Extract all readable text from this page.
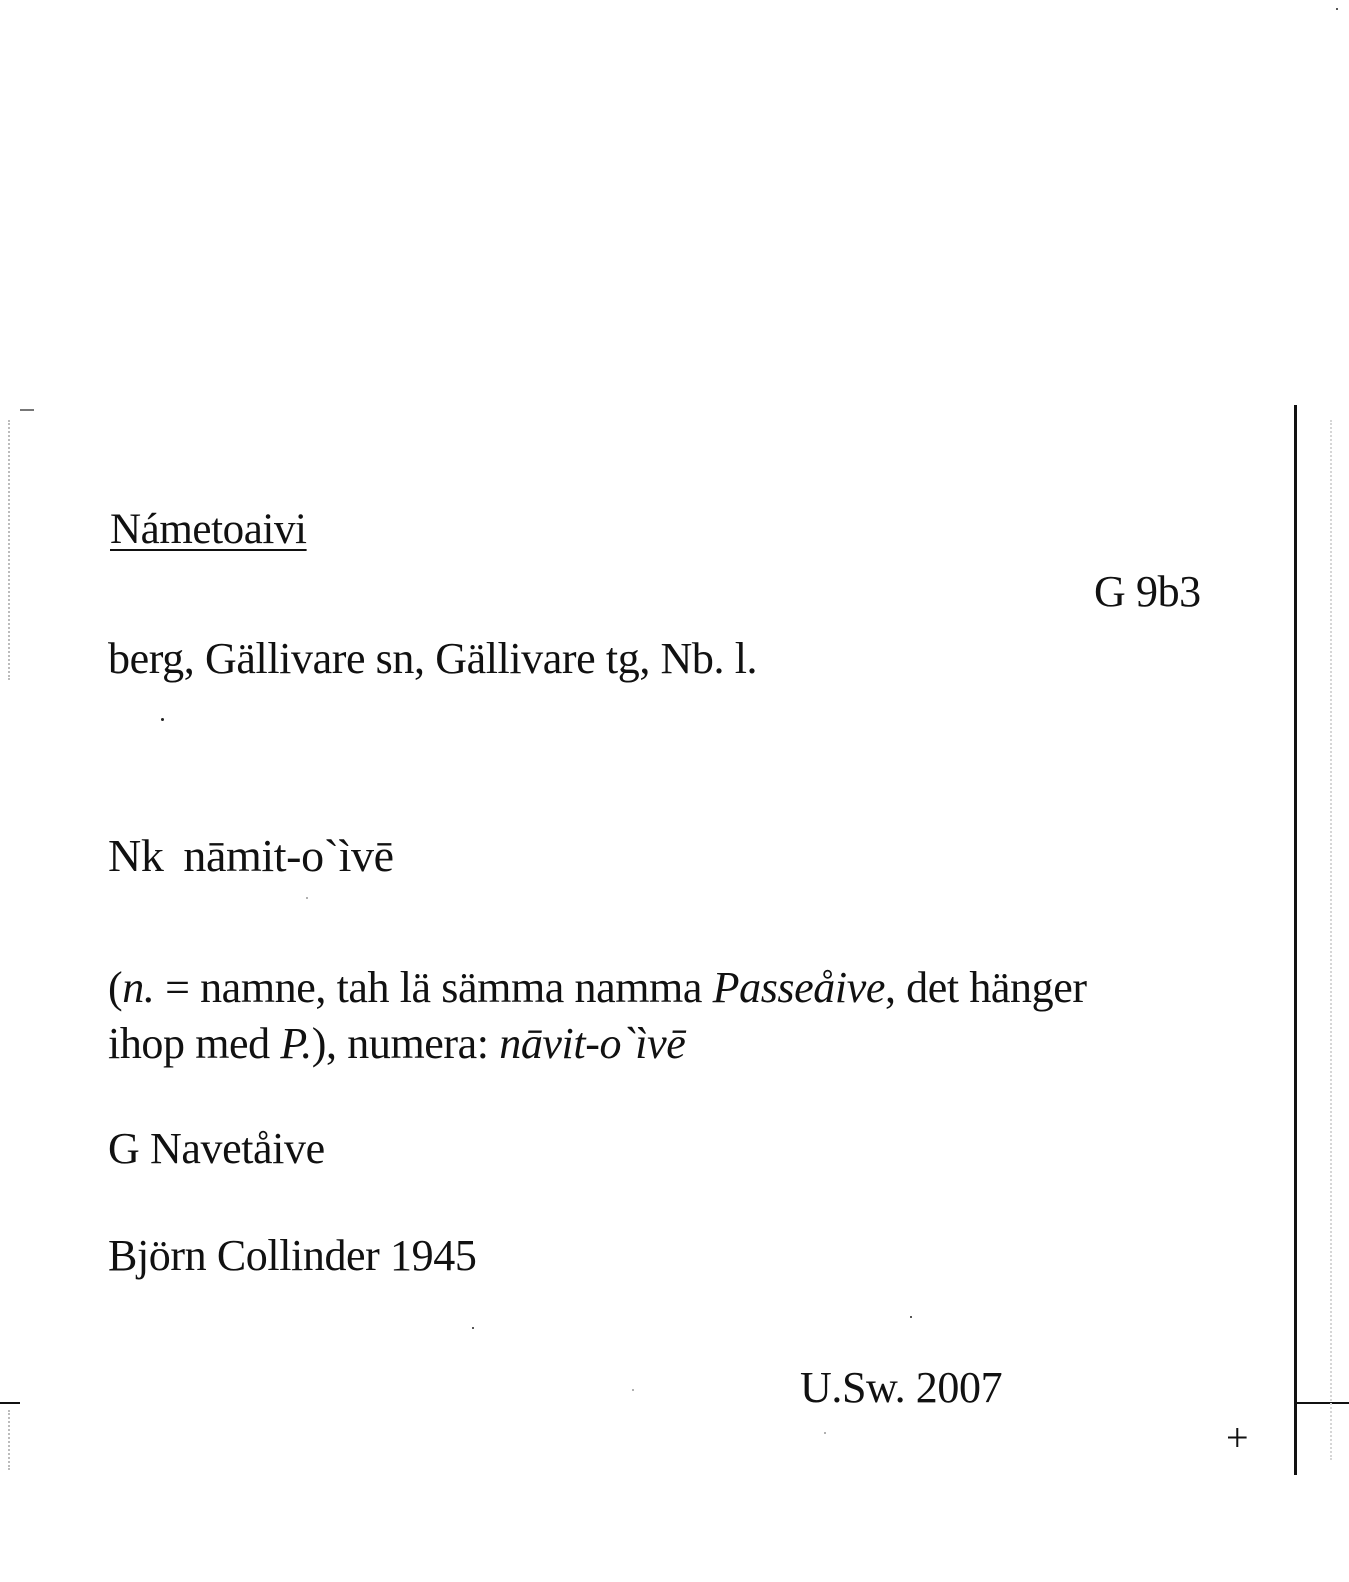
Námetoaivi
G 9b3
berg, Gällivare sn, Gällivare tg, Nb. l.
Nk nāmit-o`ìvē
(n. = namne, tah lä sämma namma Passeåive, det hänger
ihop med P.), numera: nāvit-o`ìvē
G Navetåive
Björn Collinder 1945
U.Sw. 2007
+
